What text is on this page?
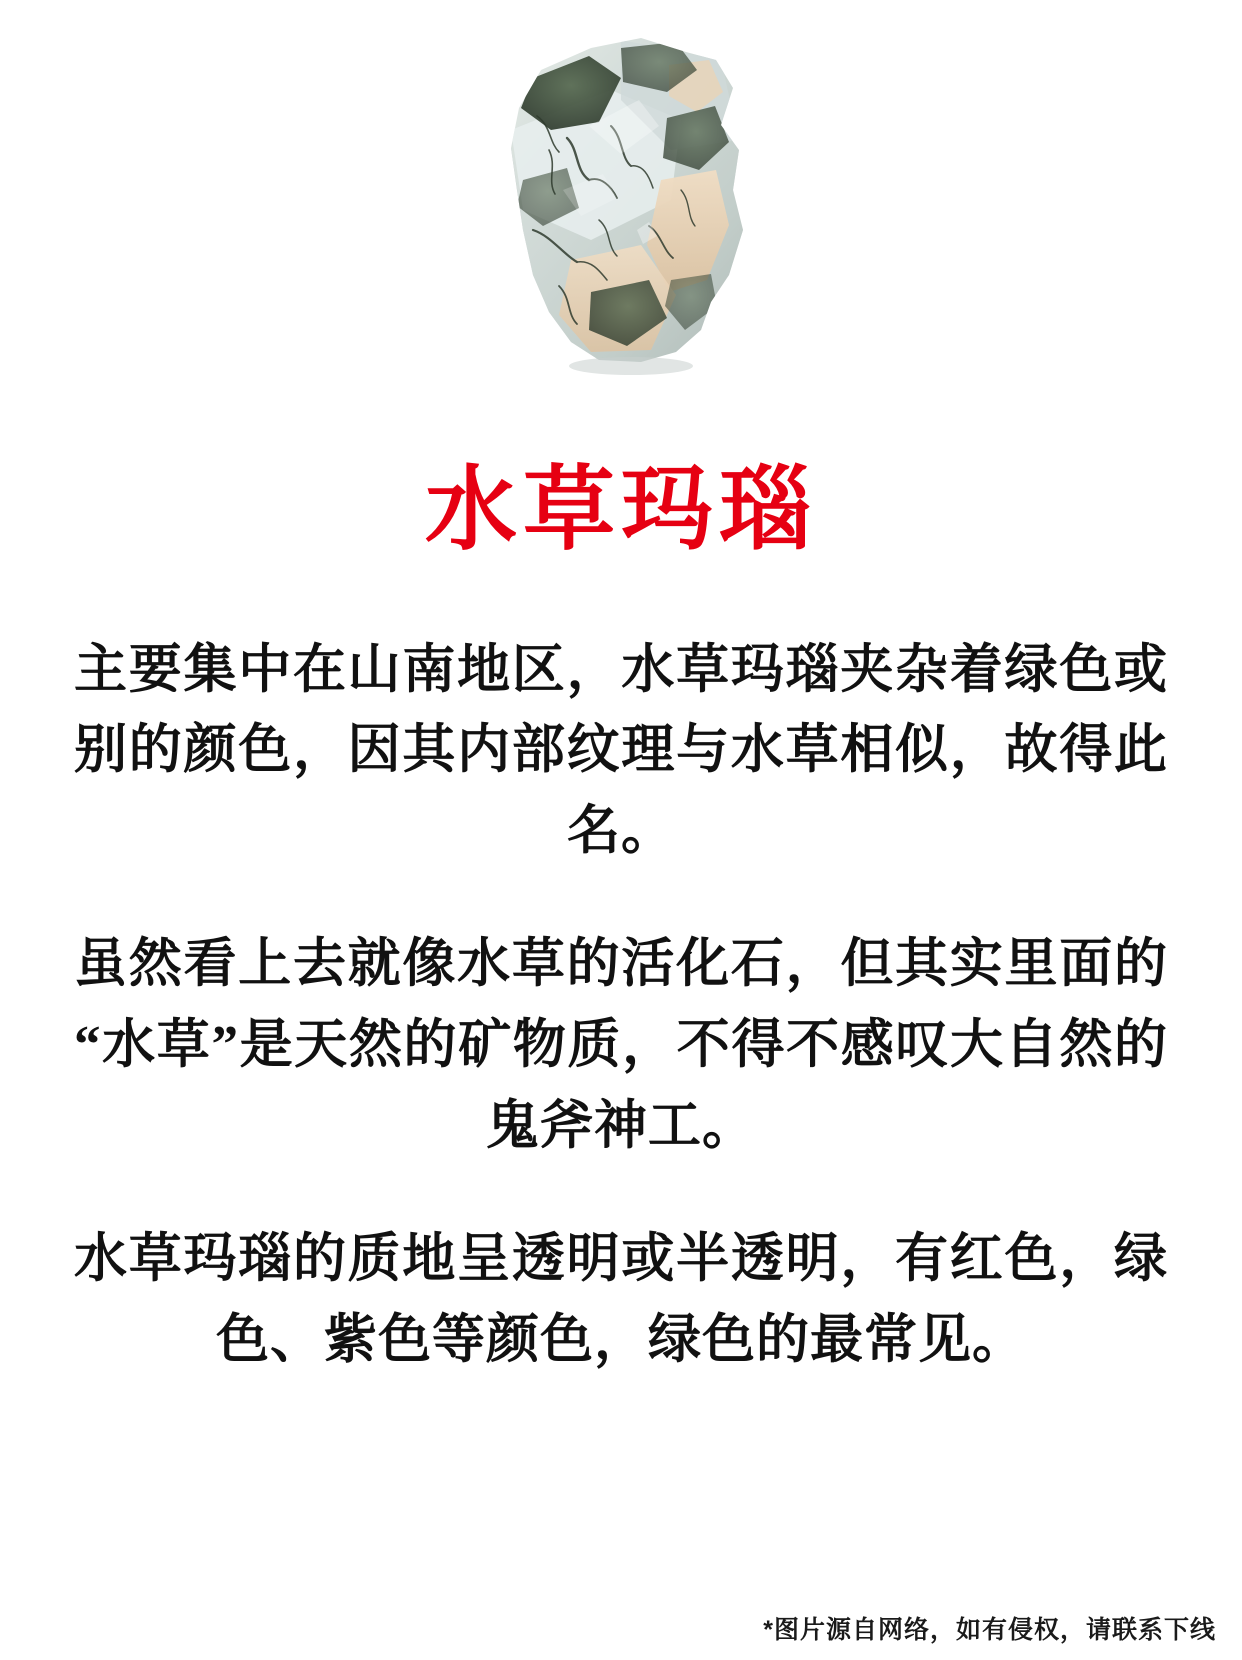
水草玛瑙

主要集中在山南地区，水草玛瑙夹杂着绿色或别的颜色，因其内部纹理与水草相似，故得此名。

虽然看上去就像水草的活化石，但其实里面的“水草”是天然的矿物质，不得不感叹大自然的鬼斧神工。

水草玛瑙的质地呈透明或半透明，有红色，绿色、紫色等颜色，绿色的最常见。

*图片源自网络，如有侵权，请联系下线
